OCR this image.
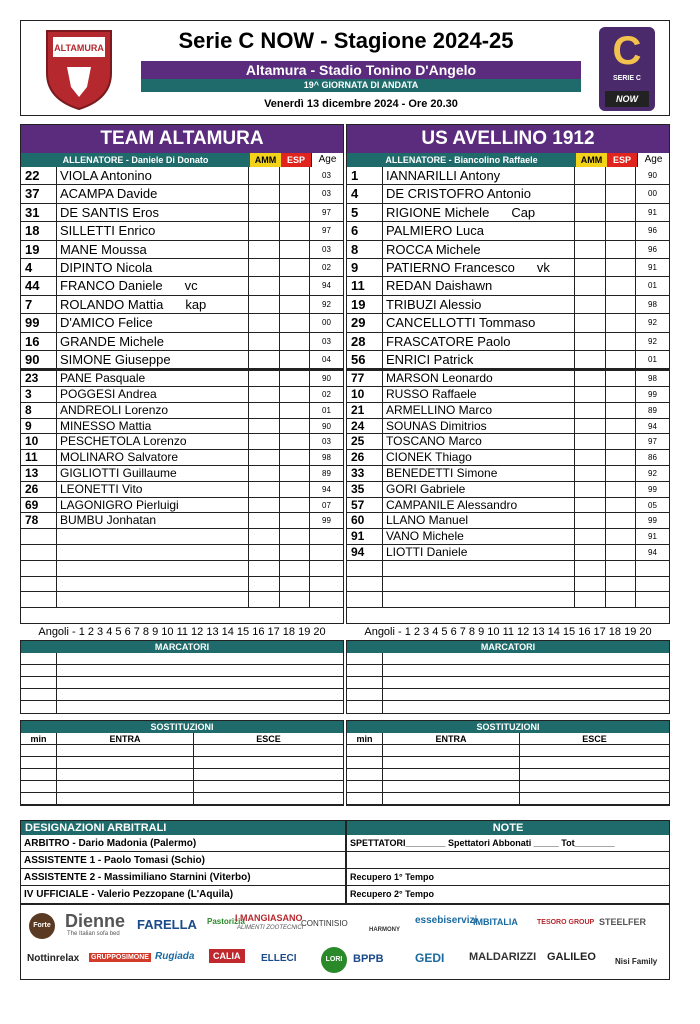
ALTAMURA	Serie C NOW - Stagione 2024-25
Altamura - Stadio Tonino D'Angelo
19^ GIORNATA DI ANDATA
Venerdì 13 dicembre 2024 - Ore 20.30
C
SERIE C
NOW
TEAM ALTAMURA
ALLENATORE - Daniele Di Donato	AMM	ESP	Age
22	VIOLA Antonino	03
37	ACAMPA Davide	03
31	DE SANTIS Eros	97
18	SILLETTI Enrico	97
19	MANE Moussa	03
4	DIPINTO Nicola	02
44	FRANCO Daniele vc	94
7	ROLANDO Mattia kap	92
99	D'AMICO Felice	00
16	GRANDE Michele	03
90	SIMONE Giuseppe	04
23	PANE Pasquale	90
3	POGGESI Andrea	02
8	ANDREOLI Lorenzo	01
9	MINESSO Mattia	90
10	PESCHETOLA Lorenzo	03
11	MOLINARO Salvatore	98
13	GIGLIOTTI Guillaume	89
26	LEONETTI Vito	94
69	LAGONIGRO Pierluigi	07
78	BUMBU Jonhatan	99
US AVELLINO 1912
ALLENATORE - Biancolino Raffaele	AMM	ESP	Age
1	IANNARILLI Antony	90
4	DE CRISTOFRO Antonio	00
5	RIGIONE Michele Cap	91
6	PALMIERO Luca	96
8	ROCCA Michele	96
9	PATIERNO Francesco vk	91
11	REDAN Daishawn	01
19	TRIBUZI Alessio	98
29	CANCELLOTTI Tommaso	92
28	FRASCATORE Paolo	92
56	ENRICI Patrick	01
77	MARSON Leonardo	98
10	RUSSO Raffaele	99
21	ARMELLINO Marco	89
24	SOUNAS Dimitrios	94
25	TOSCANO Marco	97
26	CIONEK Thiago	86
33	BENEDETTI Simone	92
35	GORI Gabriele	99
57	CAMPANILE Alessandro	05
60	LLANO Manuel	99
91	VANO Michele	91
94	LIOTTI Daniele	94
Angoli - 1 2 3 4 5 6 7 8 9 10 11 12 13 14 15 16 17 18 19 20	Angoli - 1 2 3 4 5 6 7 8 9 10 11 12 13 14 15 16 17 18 19 20
MARCATORI	MARCATORI
SOSTITUZIONI
min	ENTRA	ESCE
SOSTITUZIONI
min	ENTRA	ESCE
DESIGNAZIONI ARBITRALI
ARBITRO - Dario Madonia (Palermo)
ASSISTENTE 1 - Paolo Tomasi (Schio)
ASSISTENTE 2 - Massimiliano Starnini (Viterbo)
IV UFFICIALE - Valerio Pezzopane (L'Aquila)
NOTE
SPETTATORI________ Spettatori Abbonati _____ Tot________
Recupero 1° Tempo
Recupero 2° Tempo
Forte Dienne
The Italian sofa bed
FARELLA Pastorizia
I MANGIASANO
ALIMENTI ZOOTECNICI
CONTINISIO
HARMONY
essebiservizi
IMBITALIA	TESORO GROUP STEELFER
Nottinrelax GRUPPOSIMONE Rugiada	CALIA	ELLECI	LORI BPPB	GEDI MALDARIZZI GALILEO Nisi Family
